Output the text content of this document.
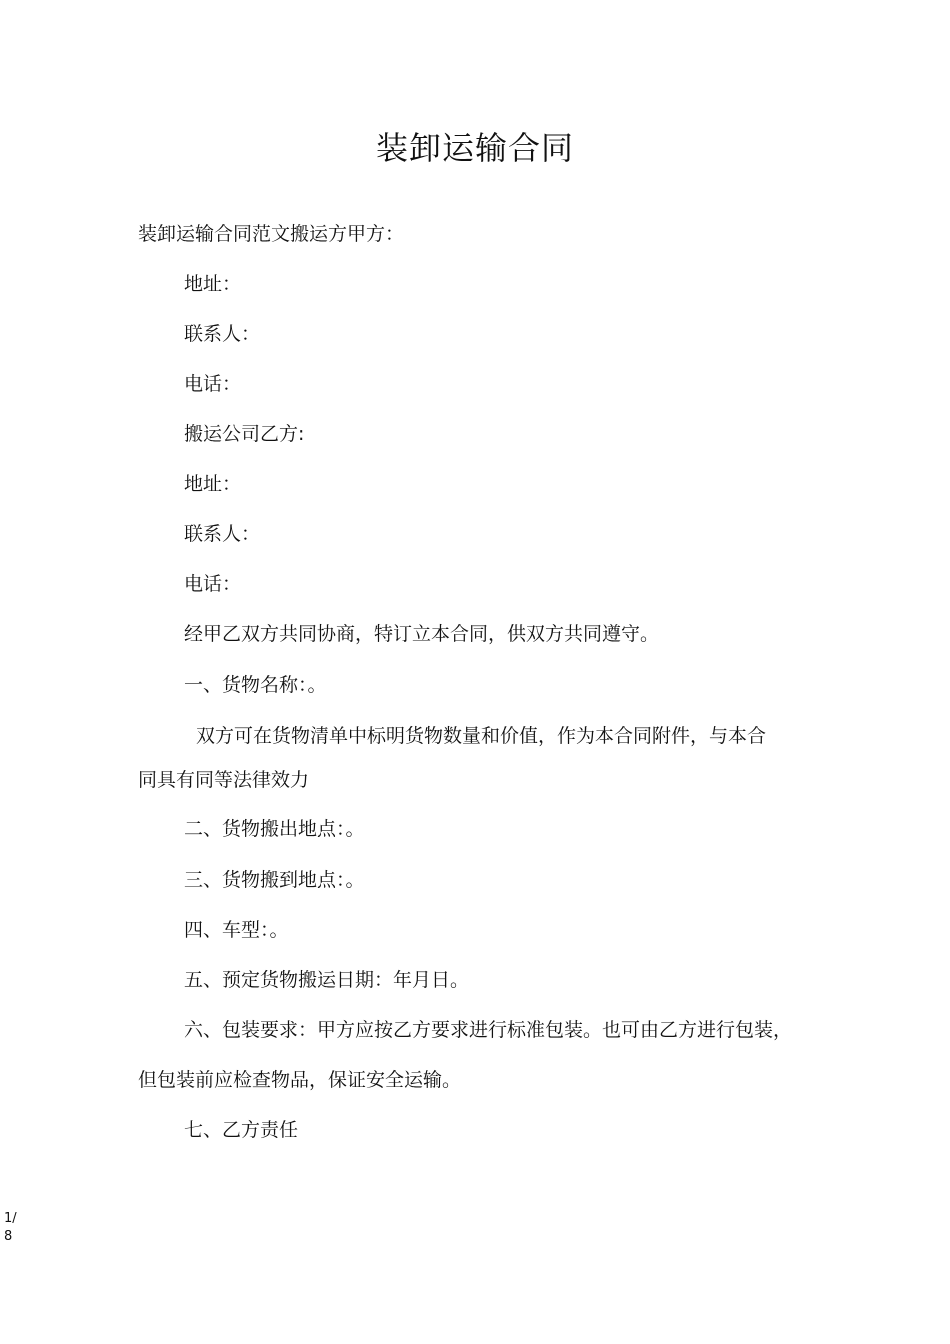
装卸运输合同
装卸运输合同范文搬运方甲方：
地址：
联系人：
电话：
搬运公司乙方:
地址：
联系人：
电话：
经甲乙双方共同协商，特订立本合同，供双方共同遵守。
一、货物名称：。
双方可在货物清单中标明货物数量和价值，作为本合同附件，与本合
同具有同等法律效力
二、货物搬出地点：。
三、货物搬到地点：。
四、车型：。
五、预定货物搬运日期：年月日。
六、包装要求：甲方应按乙方要求进行标准包装。也可由乙方进行包装，
但包装前应检查物品，保证安全运输。
七、乙方责任
1/8
